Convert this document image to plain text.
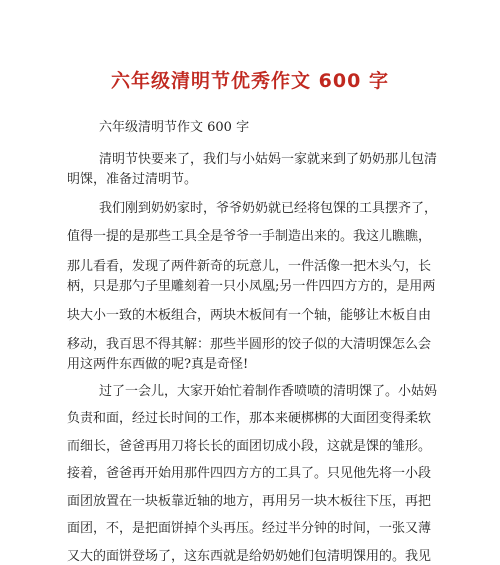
六年级清明节优秀作文 600 字
六年级清明节作文 600 字
清明节快要来了，我们与小姑妈一家就来到了奶奶那儿包清
明馃，准备过清明节。
我们刚到奶奶家时，爷爷奶奶就已经将包馃的工具摆齐了，
值得一提的是那些工具全是爷爷一手制造出来的。我这儿瞧瞧，
那儿看看，发现了两件新奇的玩意儿，一件活像一把木头勺，长
柄，只是那勺子里雕刻着一只小凤凰;另一件四四方方的，是用两
块大小一致的木板组合，两块木板间有一个轴，能够让木板自由
移动，我百思不得其解：那些半圆形的饺子似的大清明馃怎么会
用这两件东西做的呢?真是奇怪!
过了一会儿，大家开始忙着制作香喷喷的清明馃了。小姑妈
负责和面，经过长时间的工作，那本来硬梆梆的大面团变得柔软
而细长，爸爸再用刀将长长的面团切成小段，这就是馃的雏形。
接着，爸爸再开始用那件四四方方的工具了。只见他先将一小段
面团放置在一块板靠近轴的地方，再用另一块木板往下压，再把
面团，不，是把面饼掉个头再压。经过半分钟的时间，一张又薄
又大的面饼登场了，这东西就是给奶奶她们包清明馃用的。我见
